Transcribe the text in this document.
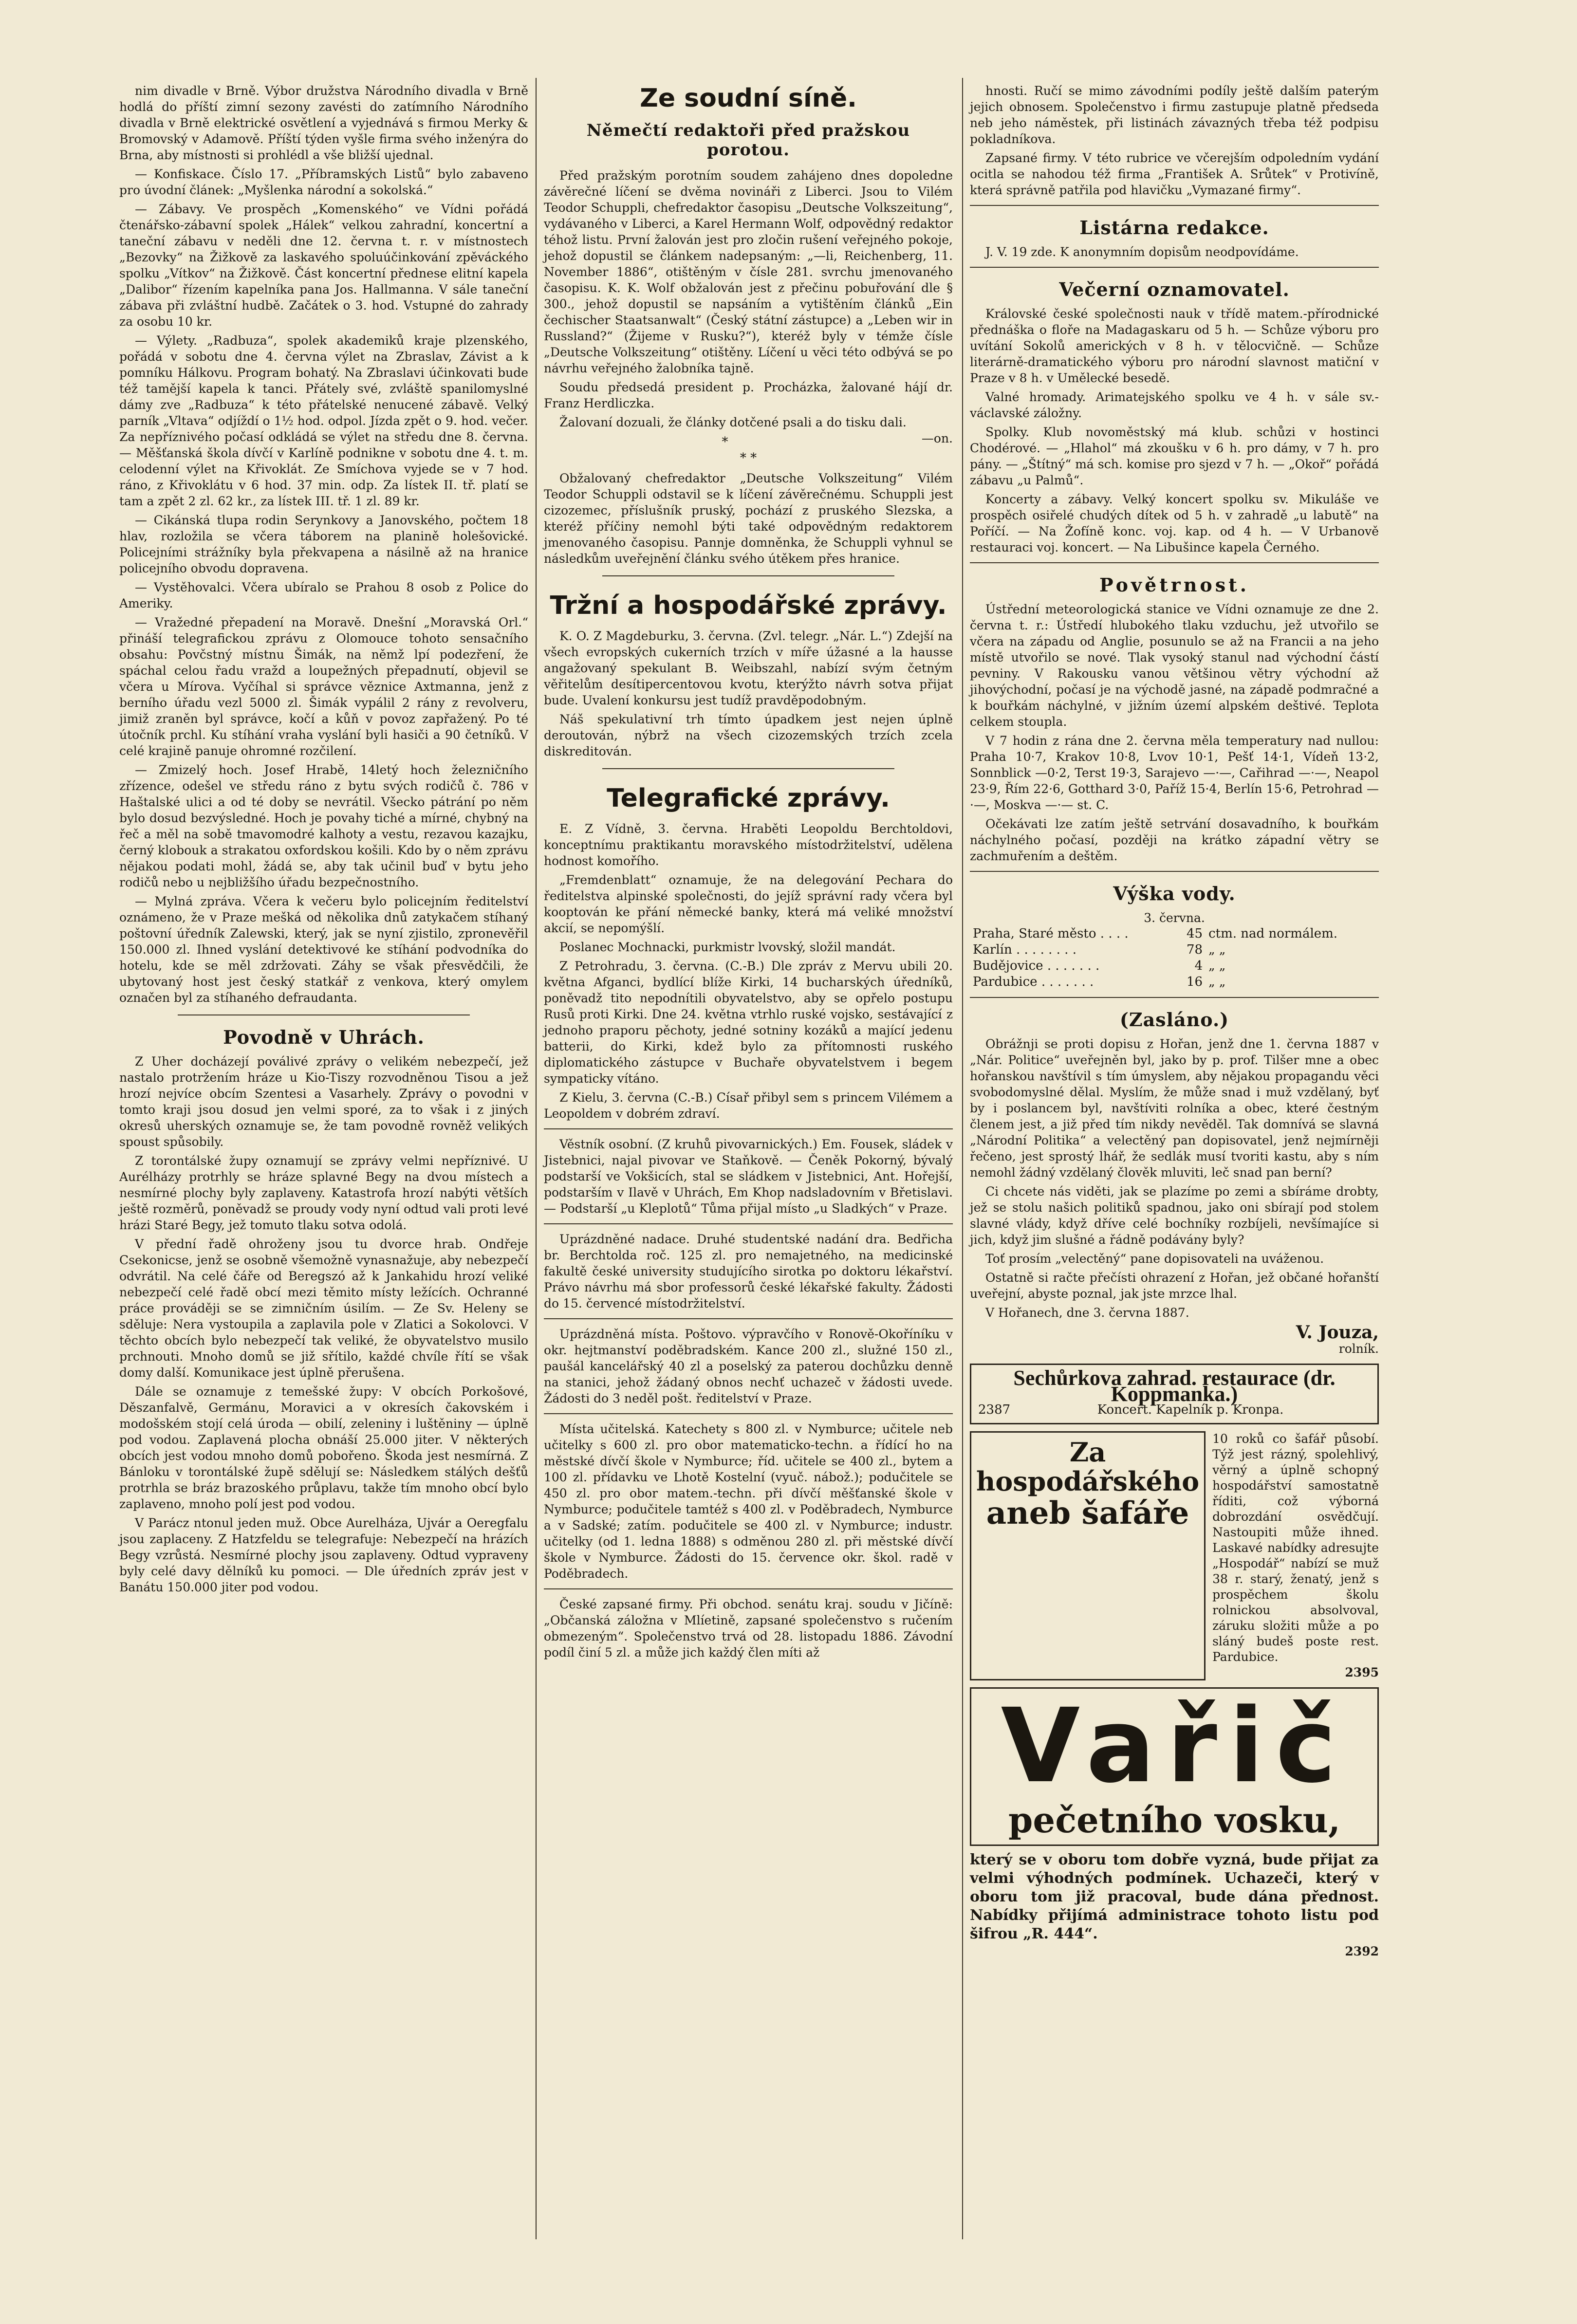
nim divadle v Brně. Výbor družstva Národního divadla v Brně hodlá do příští zimní sezony zavésti do zatímního Národního divadla v Brně elektrické osvětlení a vyjednává s firmou Merky & Bromovský v Adamově. Příští týden vyšle firma svého inženýra do Brna, aby místnosti si prohlédl a vše bližší ujednal.

— Konfiskace. Číslo 17. „Příbramských Listů“ bylo zabaveno pro úvodní článek: „Myšlenka národní a sokolská.“

— Zábavy. Ve prospěch „Komenského“ ve Vídni pořádá čtenářsko-zábavní spolek „Hálek“ velkou zahradní, koncertní a taneční zábavu v neděli dne 12. června t. r. v místnostech „Bezovky“ na Žižkově za laskavého spoluúčinkování zpěváckého spolku „Vítkov“ na Žižkově. Část koncertní přednese elitní kapela „Dalibor“ řízením kapelníka pana Jos. Hallmanna. V sále taneční zábava při zvláštní hudbě. Začátek o 3. hod. Vstupné do zahrady za osobu 10 kr.

— Výlety. „Radbuza“, spolek akademiků kraje plzenského, pořádá v sobotu dne 4. června výlet na Zbraslav, Závist a k pomníku Hálkovu. Program bohatý. Na Zbraslavi účinkovati bude též tamější kapela k tanci. Přátely své, zvláště spanilomyslné dámy zve „Radbuza“ k této přátelské nenucené zábavě. Velký parník „Vltava“ odjíždí o 1½ hod. odpol. Jízda zpět o 9. hod. večer. Za nepříznivého počasí odkládá se výlet na středu dne 8. června. — Měšťanská škola dívčí v Karlíně podnikne v sobotu dne 4. t. m. celodenní výlet na Křivoklát. Ze Smíchova vyjede se v 7 hod. ráno, z Křivoklátu v 6 hod. 37 min. odp. Za lístek II. tř. platí se tam a zpět 2 zl. 62 kr., za lístek III. tř. 1 zl. 89 kr.

— Cikánská tlupa rodin Serynkovy a Janovského, počtem 18 hlav, rozložila se včera táborem na planině holešovické. Policejními strážníky byla překvapena a násilně až na hranice policejního obvodu dopravena.

— Vystěhovalci. Včera ubíralo se Prahou 8 osob z Police do Ameriky.

— Vražedné přepadení na Moravě. Dnešní „Moravská Orl.“ přináší telegrafickou zprávu z Olomouce tohoto sensačního obsahu: Povčstný místnu Šimák, na němž lpí podezření, že spáchal celou řadu vražd a loupežných přepadnutí, objevil se včera u Mírova. Vyčíhal si správce věznice Axtmanna, jenž z berního úřadu vezl 5000 zl. Šimák vypálil 2 rány z revolveru, jimiž zraněn byl správce, kočí a kůň v povoz zapřažený. Po té útočník prchl. Ku stíhání vraha vyslání byli hasiči a 90 četníků. V celé krajině panuje ohromné rozčilení.

— Zmizelý hoch. Josef Hrabě, 14letý hoch železničního zřízence, odešel ve středu ráno z bytu svých rodičů č. 786 v Haštalské ulici a od té doby se nevrátil. Všecko pátrání po něm bylo dosud bezvýsledné. Hoch je povahy tiché a mírné, chybný na řeč a měl na sobě tmavomodré kalhoty a vestu, rezavou kazajku, černý klobouk a strakatou oxfordskou košili. Kdo by o něm zprávu nějakou podati mohl, žádá se, aby tak učinil buď v bytu jeho rodičů nebo u nejbližšího úřadu bezpečnostního.

— Mylná zpráva. Včera k večeru bylo policejním ředitelství oznámeno, že v Praze mešká od několika dnů zatykačem stíhaný poštovní úředník Zalewski, který, jak se nyní zjistilo, zpronevěřil 150.000 zl. Ihned vyslání detektivové ke stíhání podvodníka do hotelu, kde se měl zdržovati. Záhy se však přesvědčili, že ubytovaný host jest český statkář z venkova, který omylem označen byl za stíhaného defraudanta.

Povodně v Uhrách.

Z Uher docházejí poválivé zprávy o velikém nebezpečí, jež nastalo protržením hráze u Kio-Tiszy rozvodněnou Tisou a jež hrozí nejvíce obcím Szentesi a Vasarhely. Zprávy o povodni v tomto kraji jsou dosud jen velmi sporé, za to však i z jiných okresů uherských oznamuje se, že tam povodně rovněž velikých spoust spůsobily.

Z torontálské župy oznamují se zprávy velmi nepříznivé. U Aurélházy protrhly se hráze splavné Begy na dvou místech a nesmírné plochy byly zaplaveny. Katastrofa hrozí nabýti větších ještě rozměrů, poněvadž se proudy vody nyní odtud vali proti levé hrázi Staré Begy, jež tomuto tlaku sotva odolá.

V přední řadě ohroženy jsou tu dvorce hrab. Ondřeje Csekonicse, jenž se osobně všemožně vynasnažuje, aby nebezpečí odvrátil. Na celé čáře od Beregszó až k Jankahidu hrozí veliké nebezpečí celé řadě obcí mezi těmito místy ležících. Ochranné práce prováději se se zimničním úsilím. — Ze Sv. Heleny se sděluje: Nera vystoupila a zaplavila pole v Zlatici a Sokolovci. V těchto obcích bylo nebezpečí tak veliké, že obyvatelstvo musilo prchnouti. Mnoho domů se již sřítilo, každé chvíle řítí se však domy další. Komunikace jest úplně přerušena.

Dále se oznamuje z temešské župy: V obcích Porkošové, Děszanfalvě, Germánu, Moravici a v okresích čakovském i modošském stojí celá úroda — obilí, zeleniny i luštěniny — úplně pod vodou. Zaplavená plocha obnáší 25.000 jiter. V některých obcích jest vodou mnoho domů pobořeno. Škoda jest nesmírná. Z Bánloku v torontálské župě sdělují se: Následkem stálých dešťů protrhla se bráz brazoského průplavu, takže tím mnoho obcí bylo zaplaveno, mnoho polí jest pod vodou.

V Parácz ntonul jeden muž. Obce Aurelháza, Ujvár a Oeregfalu jsou zaplaceny. Z Hatzfeldu se telegrafuje: Nebezpečí na hrázích Begy vzrůstá. Nesmírné plochy jsou zaplaveny. Odtud vypraveny byly celé davy dělníků ku pomoci. — Dle úředních zpráv jest v Banátu 150.000 jiter pod vodou.

Ze soudní síně.
Němečtí redaktoři před pražskou porotou.

Před pražským porotním soudem zahájeno dnes dopoledne závěrečné líčení se dvěma novináři z Liberci. Jsou to Vilém Teodor Schuppli, chefredaktor časopisu „Deutsche Volkszeitung“, vydávaného v Liberci, a Karel Hermann Wolf, odpovědný redaktor téhož listu. První žalován jest pro zločin rušení veřejného pokoje, jehož dopustil se článkem nadepsaným: „—li, Reichenberg, 11. November 1886“, otištěným v čísle 281. svrchu jmenovaného časopisu. K. K. Wolf obžalován jest z přečinu pobuřování dle § 300., jehož dopustil se napsáním a vytištěním článků „Ein čechischer Staatsanwalt“ (Český státní zástupce) a „Leben wir in Russland?“ (Žijeme v Rusku?“), kteréž byly v témže čísle „Deutsche Volkszeitung“ otištěny. Líčení u věci této odbývá se po návrhu veřejného žalobníka tajně.

Soudu předsedá president p. Procházka, žalované hájí dr. Franz Herdliczka.

Žalovaní dozuali, že články dotčené psali a do tisku dali.
—on.

*
* *

Obžalovaný chefredaktor „Deutsche Volkszeitung“ Vilém Teodor Schuppli odstavil se k líčení závěrečnému. Schuppli jest cizozemec, příslušník pruský, pochází z pruského Slezska, a kteréž příčiny nemohl býti také odpovědným redaktorem jmenovaného časopisu. Pannje domněnka, že Schuppli vyhnul se následkům uveřejnění článku svého útěkem přes hranice.

Tržní a hospodářské zprávy.

K. O. Z Magdeburku, 3. června. (Zvl. telegr. „Nár. L.“) Zdejší na všech evropských cukerních trzích v míře úžasné a la hausse angažovaný spekulant B. Weibszahl, nabízí svým četným věřitelům desítipercentovou kvotu, kterýžto návrh sotva přijat bude. Uvalení konkursu jest tudíž pravděpodobným.

Náš spekulativní trh tímto úpadkem jest nejen úplně deroutován, nýbrž na všech cizozemských trzích zcela diskreditován.

Telegrafické zprávy.

E. Z Vídně, 3. června. Hraběti Leopoldu Berchtoldovi, konceptnímu praktikantu moravského místodržitelství, udělena hodnost komořího.

„Fremdenblatt“ oznamuje, že na delegování Pechara do ředitelstva alpinské společnosti, do jejíž správní rady včera byl kooptován ke přání německé banky, která má veliké množství akcií, se nepomýšlí.

Poslanec Mochnacki, purkmistr lvovský, složil mandát.

Z Petrohradu, 3. června. (C.-B.) Dle zpráv z Mervu ubili 20. května Afganci, bydlící blíže Kirki, 14 bucharských úředníků, poněvadž tito nepodnítili obyvatelstvo, aby se opřelo postupu Rusů proti Kirki. Dne 24. května vtrhlo ruské vojsko, sestávající z jednoho praporu pěchoty, jedné sotniny kozáků a mající jedenu batterii, do Kirki, kdež bylo za přítomnosti ruského diplomatického zástupce v Buchaře obyvatelstvem i begem sympaticky vítáno.

Z Kielu, 3. června (C.-B.) Císař přibyl sem s princem Vilémem a Leopoldem v dobrém zdraví.

Věstník osobní. (Z kruhů pivovarnických.) Em. Fousek, sládek v Jistebnici, najal pivovar ve Staňkově. — Čeněk Pokorný, bývalý podstarší ve Vokšicích, stal se sládkem v Jistebnici, Ant. Hořejší, podstarším v Ilavě v Uhrách, Em Khop nadsladovním v Břetislavi. — Podstarší „u Kleplotů“ Tůma přijal místo „u Sladkých“ v Praze.

Uprázdněné nadace. Druhé studentské nadání dra. Bedřicha br. Berchtolda roč. 125 zl. pro nemajetného, na medicinské fakultě české university studujícího sirotka po doktoru lékařství. Právo návrhu má sbor professorů české lékařské fakulty. Žádosti do 15. červencé místodržitelství.

Uprázdněná místa. Poštovo. výpravčího v Ronově-Okoříníku v okr. hejtmanství poděbradském. Kance 200 zl., služné 150 zl., paušál kancelářský 40 zl a poselský za paterou dochůzku denně na stanici, jehož žádaný obnos nechť uchazeč v žádosti uvede. Žádosti do 3 neděl pošt. ředitelství v Praze.

Místa učitelská. Katechety s 800 zl. v Nymburce; učitele neb učitelky s 600 zl. pro obor matematicko-techn. a řídící ho na městské dívčí škole v Nymburce; říd. učitele se 400 zl., bytem a 100 zl. přídavku ve Lhotě Kostelní (vyuč. nábož.); podučitele se 450 zl. pro obor matem.-techn. při dívčí měšťanské škole v Nymburce; podučitele tamtéž s 400 zl. v Poděbradech, Nymburce a v Sadské; zatím. podučitele se 400 zl. v Nymburce; industr. učitelky (od 1. ledna 1888) s odměnou 280 zl. při městské dívčí škole v Nymburce. Žádosti do 15. července okr. škol. radě v Poděbradech.

České zapsané firmy. Při obchod. senátu kraj. soudu v Jičíně: „Občanská záložna v Mlíetině, zapsané společenstvo s ručením obmezeným“. Společenstvo trvá od 28. listopadu 1886. Závodní podíl činí 5 zl. a může jich každý člen míti až

hnosti. Ručí se mimo závodními podíly ještě dalším paterým jejich obnosem. Společenstvo i firmu zastupuje platně předseda neb jeho náměstek, při listinách závazných třeba též podpisu pokladníkova.

Zapsané firmy. V této rubrice ve včerejším odpoledním vydání ocitla se nahodou též firma „František A. Srůtek“ v Protivíně, která správně patřila pod hlavičku „Vymazané firmy“.

Listárna redakce.

J. V. 19 zde. K anonymním dopisům neodpovídáme.

Večerní oznamovatel.

Královské české společnosti nauk v třídě matem.-přírodnické přednáška o floře na Madagaskaru od 5 h. — Schůze výboru pro uvítání Sokolů amerických v 8 h. v tělocvičně. — Schůze literárně-dramatického výboru pro národní slavnost matiční v Praze v 8 h. v Umělecké besedě.

Valné hromady. Arimatejského spolku ve 4 h. v sále sv.-václavské záložny.

Spolky. Klub novoměstský má klub. schůzi v hostinci Chodérové. — „Hlahol“ má zkoušku v 6 h. pro dámy, v 7 h. pro pány. — „Štítný“ má sch. komise pro sjezd v 7 h. — „Okoř“ pořádá zábavu „u Palmů“.

Koncerty a zábavy. Velký koncert spolku sv. Mikuláše ve prospěch osiřelé chudých dítek od 5 h. v zahradě „u labutě“ na Poříčí. — Na Žofíně konc. voj. kap. od 4 h. — V Urbanově restauraci voj. koncert. — Na Libušince kapela Černého.

Povětrnost.

Ústřední meteorologická stanice ve Vídni oznamuje ze dne 2. června t. r.: Ústředí hlubokého tlaku vzduchu, jež utvořilo se včera na západu od Anglie, posunulo se až na Francii a na jeho místě utvořilo se nové. Tlak vysoký stanul nad východní částí pevniny. V Rakousku vanou většinou větry východní až jihovýchodní, počasí je na východě jasné, na západě podmračné a k bouřkám náchylné, v jižním území alpském deštivé. Teplota celkem stoupla.

V 7 hodin z rána dne 2. června měla temperatury nad nullou: Praha 10·7, Krakov 10·8, Lvov 10·1, Pešť 14·1, Vídeň 13·2, Sonnblick —0·2, Terst 19·3, Sarajevo —·—, Cařihrad —·—, Neapol 23·9, Řím 22·6, Gotthard 3·0, Paříž 15·4, Berlín 15·6, Petrohrad —·—, Moskva —·— st. C.

Očekávati lze zatím ještě setrvání dosavadního, k bouřkám náchylného počasí, později na krátko západní větry se zachmuřením a deštěm.

Výška vody.
3. června.
Praha, Staré město . . . .	45	ctm. nad normálem.
Karlín . . . . . . . .	78	„ „
Budějovice . . . . . . .	4	„ „
Pardubice . . . . . . .	16	„ „
(Zasláno.)

Obrážnji se proti dopisu z Hořan, jenž dne 1. června 1887 v „Nár. Politice“ uveřejněn byl, jako by p. prof. Tilšer mne a obec hořanskou navštívil s tím úmyslem, aby nějakou propagandu věci svobodomyslné dělal. Myslím, že může snad i muž vzdělaný, byť by i poslancem byl, navštíviti rolníka a obec, které čestným členem jest, a již před tím nikdy nevěděl. Tak domnívá se slavná „Národní Politika“ a velectěný pan dopisovatel, jenž nejmírněji řečeno, jest sprostý lhář, že sedlák musí tvoriti kastu, aby s ním nemohl žádný vzdělaný člověk mluviti, leč snad pan berní?

Ci chcete nás viděti, jak se plazíme po zemi a sbíráme drobty, jež se stolu našich politiků spadnou, jako oni sbírají pod stolem slavné vlády, když dříve celé bochníky rozbíjeli, nevšímajíce si jich, když jim slušné a řádně podávány byly?

Toť prosím „velectěný“ pane dopisovateli na uváženou.

Ostatně si račte přečísti ohrazení z Hořan, jež občané hořanští uveřejní, abyste poznal, jak jste mrzce lhal.

V Hořanech, dne 3. června 1887.

V. Jouza,
rolník.
Sechůrkova zahrad. restaurace (dr. Koppmanka.)
2387	Koncert. Kapelník p. Kronpa.
Za hospodářského
aneb šafáře
10 roků co šafář působí. Týž jest rázný, spolehlivý, věrný a úplně schopný hospodářství samostatně říditi, což výborná dobrozdání osvědčují. Nastoupiti může ihned. Laskavé nabídky adresujte „Hospodář“ nabízí se muž 38 r. starý, ženatý, jenž s prospěchem školu rolnickou absolvoval, záruku složiti může a po sláný budeš poste rest. Pardubice.
2395
Vařič
pečetního vosku,
který se v oboru tom dobře vyzná, bude přijat za velmi výhodných podmínek. Uchazeči, který v oboru tom již pracoval, bude dána přednost. Nabídky přijímá administrace tohoto listu pod šifrou „R. 444“.
2392
